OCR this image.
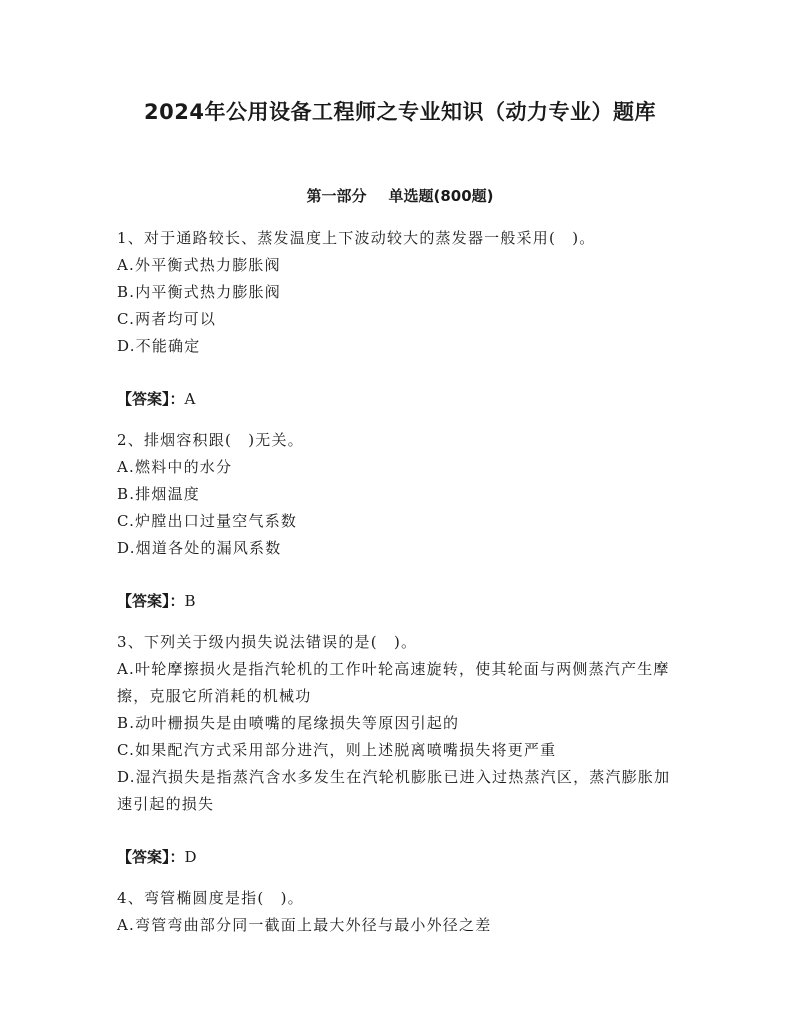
2024年公用设备工程师之专业知识（动力专业）题库
第一部分 单选题(800题)
1、对于通路较长、蒸发温度上下波动较大的蒸发器一般采用(　)。
A.外平衡式热力膨胀阀
B.内平衡式热力膨胀阀
C.两者均可以
D.不能确定
【答案】：A
2、排烟容积跟(　)无关。
A.燃料中的水分
B.排烟温度
C.炉膛出口过量空气系数
D.烟道各处的漏风系数
【答案】：B
3、下列关于级内损失说法错误的是(　)。
A.叶轮摩擦损火是指汽轮机的工作叶轮高速旋转，使其轮面与两侧蒸汽产生摩擦，克服它所消耗的机械功
B.动叶栅损失是由喷嘴的尾缘损失等原因引起的
C.如果配汽方式采用部分进汽，则上述脱离喷嘴损失将更严重
D.湿汽损失是指蒸汽含水多发生在汽轮机膨胀已进入过热蒸汽区，蒸汽膨胀加速引起的损失
【答案】：D
4、弯管椭圆度是指(　)。
A.弯管弯曲部分同一截面上最大外径与最小外径之差
